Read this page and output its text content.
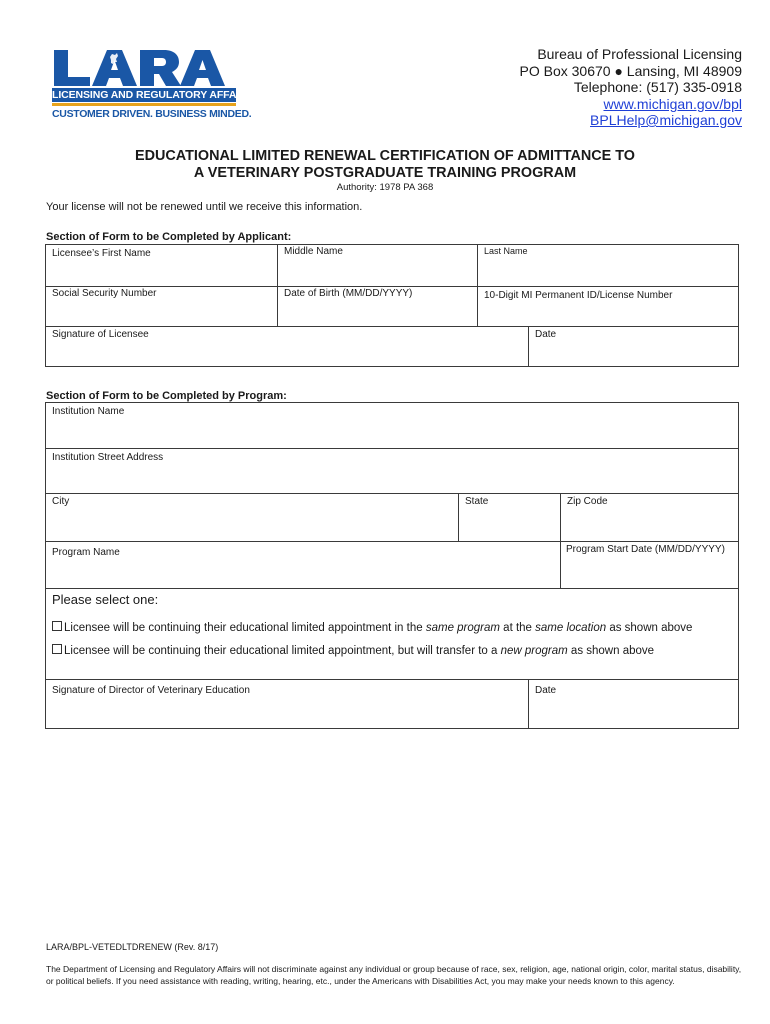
LICENSING AND REGULATORY AFFAIRS
CUSTOMER DRIVEN. BUSINESS MINDED.
Bureau of Professional Licensing
PO Box 30670 ● Lansing, MI 48909
Telephone: (517) 335-0918
www.michigan.gov/bpl
BPLHelp@michigan.gov
EDUCATIONAL LIMITED RENEWAL CERTIFICATION OF ADMITTANCE TO
A VETERINARY POSTGRADUATE TRAINING PROGRAM
Authority: 1978 PA 368
Your license will not be renewed until we receive this information.
Section of Form to be Completed by Applicant:
Licensee’s First Name	Middle Name	Last Name
Social Security Number	Date of Birth (MM/DD/YYYY)	10-Digit MI Permanent ID/License Number
Signature of Licensee	Date
Section of Form to be Completed by Program:
Institution Name
Institution Street Address
City	State	Zip Code
Program Name	Program Start Date (MM/DD/YYYY)
Please select one:
Licensee will be continuing their educational limited appointment in the same program at the same location as shown above
Licensee will be continuing their educational limited appointment, but will transfer to a new program as shown above
Signature of Director of Veterinary Education	Date
LARA/BPL-VETEDLTDRENEW (Rev. 8/17)
The Department of Licensing and Regulatory Affairs will not discriminate against any individual or group because of race, sex, religion, age, national origin, color, marital status, disability, or political beliefs. If you need assistance with reading, writing, hearing, etc., under the Americans with Disabilities Act, you may make your needs known to this agency.
